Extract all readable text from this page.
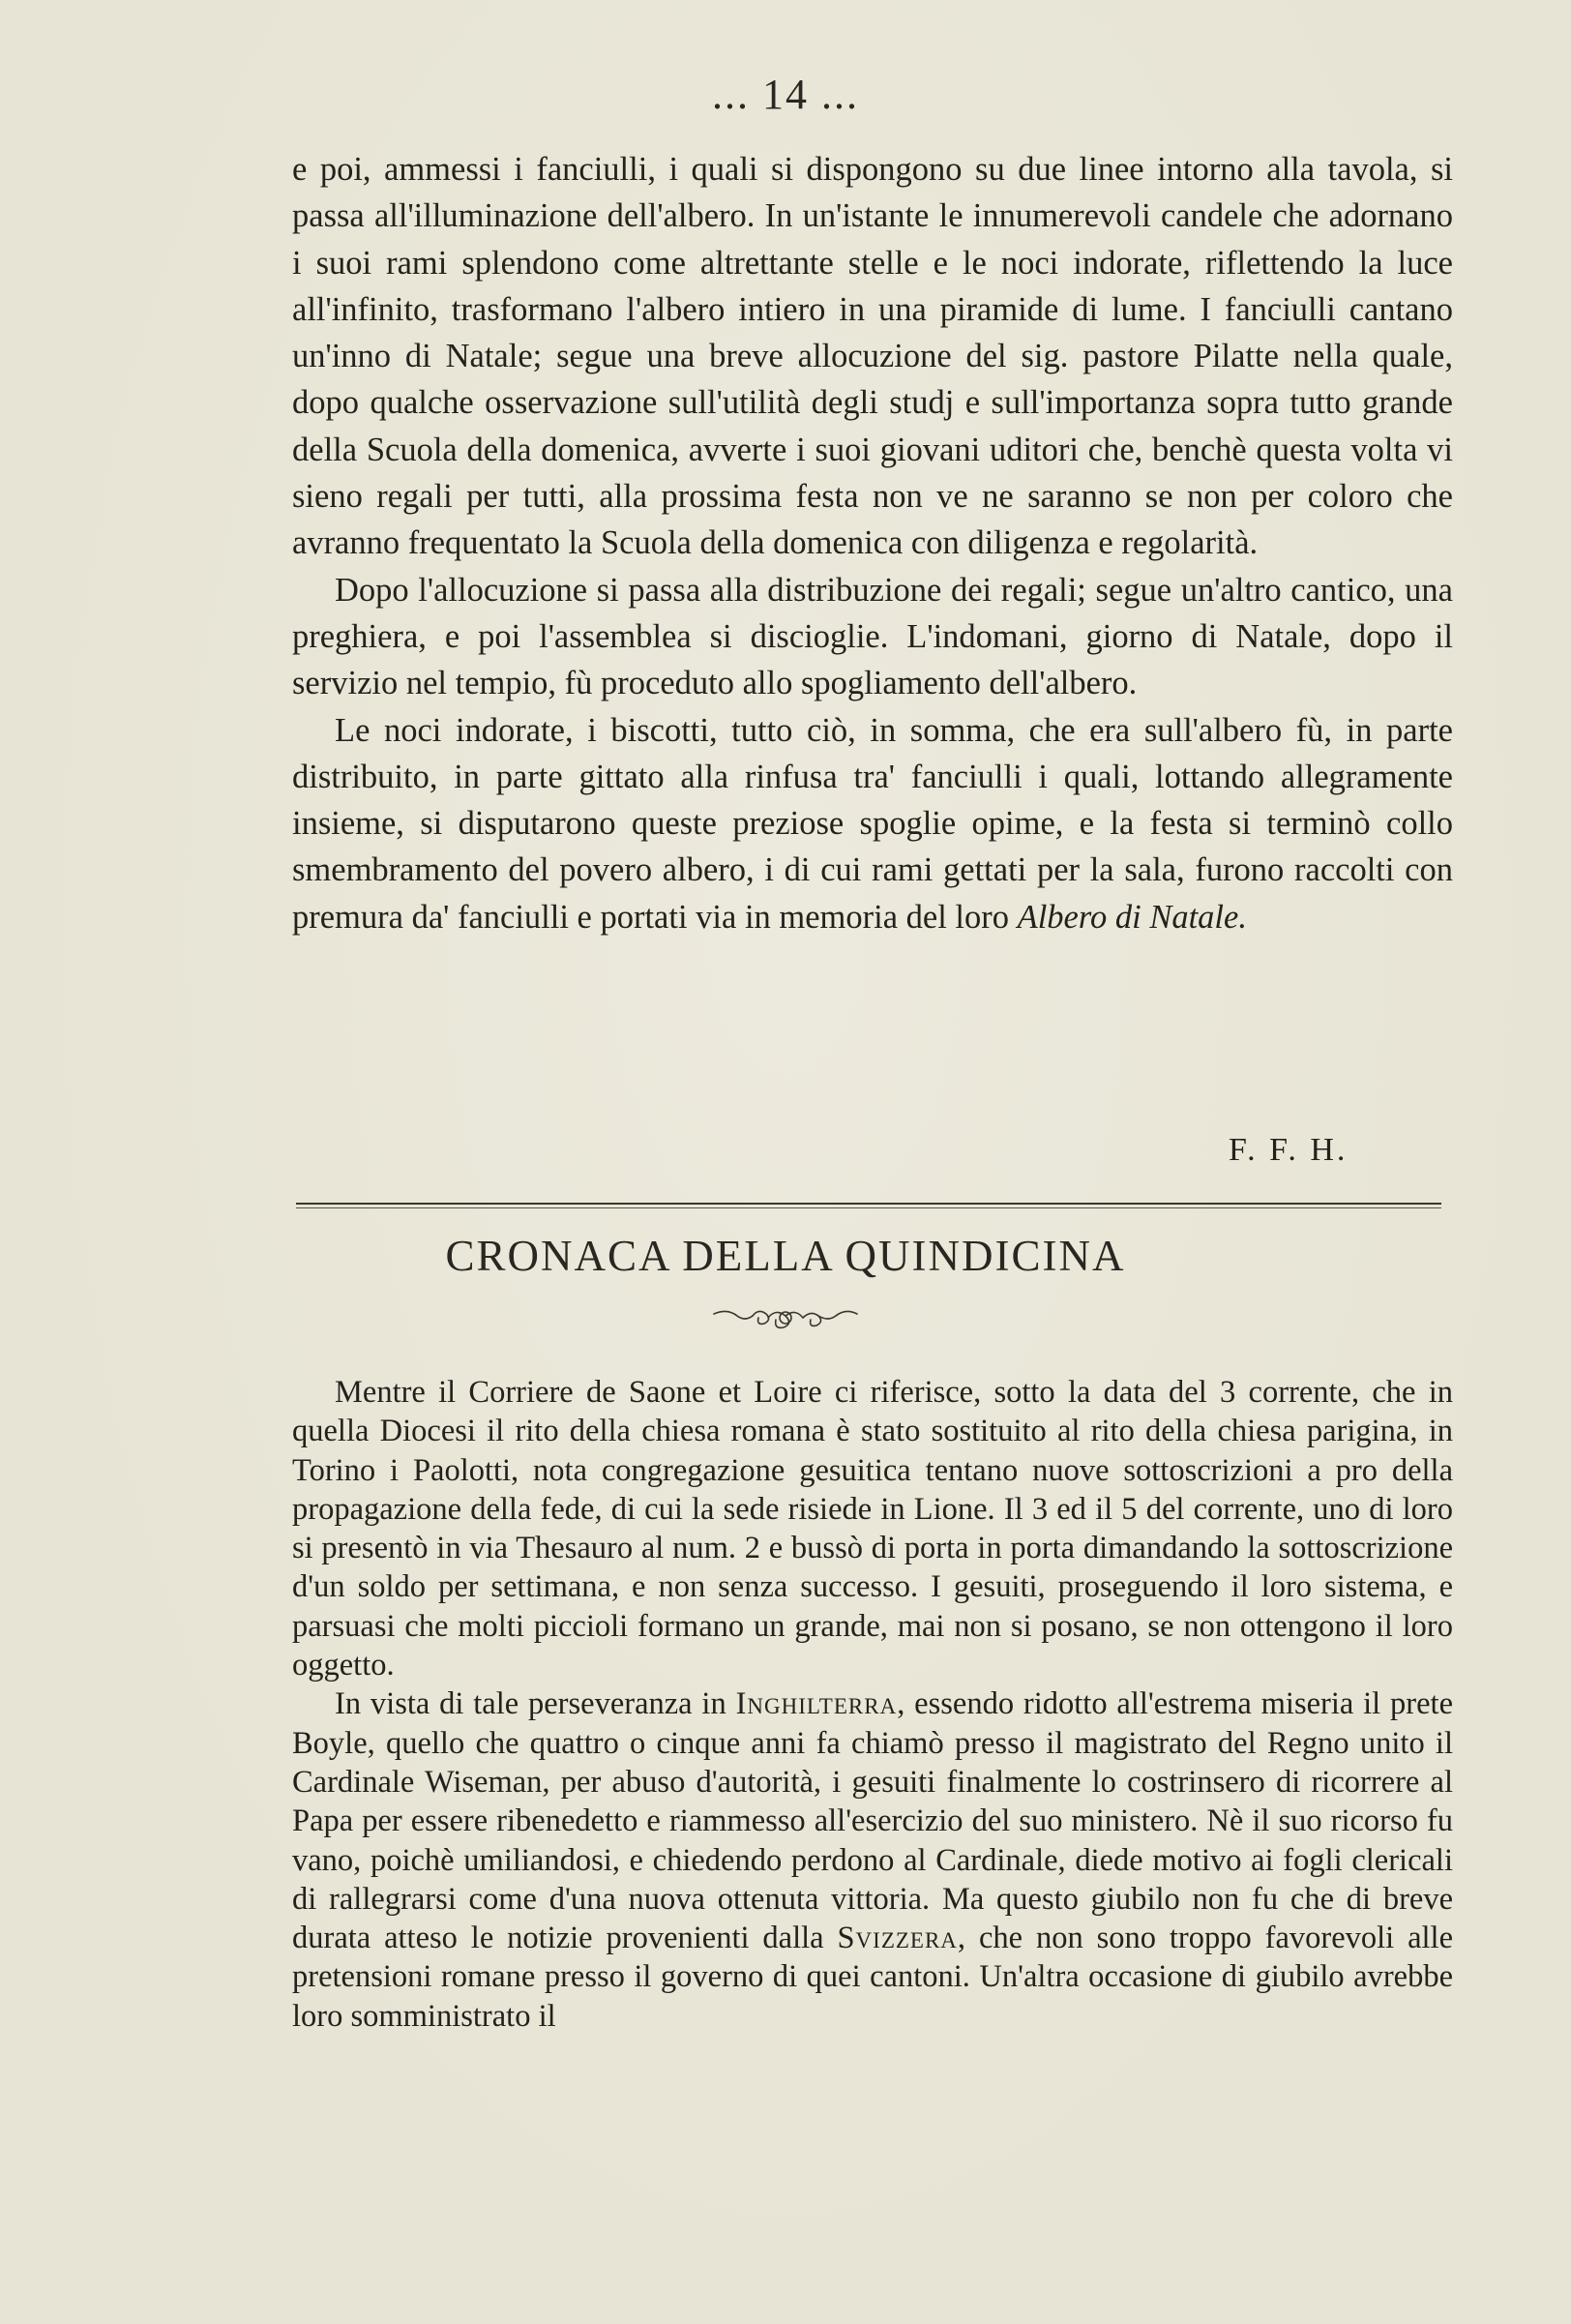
... 14 ...

e poi, ammessi i fanciulli, i quali si dispongono su due linee intorno alla tavola, si passa all'illuminazione dell'albero. In un'istante le innumerevoli candele che adornano i suoi rami splendono come altrettante stelle e le noci indorate, riflettendo la luce all'infinito, trasformano l'albero intiero in una piramide di lume. I fanciulli cantano un'inno di Natale; segue una breve allocuzione del sig. pastore Pilatte nella quale, dopo qualche osservazione sull'utilità degli studj e sull'importanza sopra tutto grande della Scuola della domenica, avverte i suoi giovani uditori che, benchè questa volta vi sieno regali per tutti, alla prossima festa non ve ne saranno se non per coloro che avranno frequentato la Scuola della domenica con diligenza e regolarità.

Dopo l'allocuzione si passa alla distribuzione dei regali; segue un'altro cantico, una preghiera, e poi l'assemblea si discioglie. L'indomani, giorno di Natale, dopo il servizio nel tempio, fù proceduto allo spogliamento dell'albero.

Le noci indorate, i biscotti, tutto ciò, in somma, che era sull'albero fù, in parte distribuito, in parte gittato alla rinfusa tra' fanciulli i quali, lottando allegramente insieme, si disputarono queste preziose spoglie opime, e la festa si terminò collo smembramento del povero albero, i di cui rami gettati per la sala, furono raccolti con premura da' fanciulli e portati via in memoria del loro Albero di Natale.

F. F. H.
CRONACA DELLA QUINDICINA

Mentre il Corriere de Saone et Loire ci riferisce, sotto la data del 3 corrente, che in quella Diocesi il rito della chiesa romana è stato sostituito al rito della chiesa parigina, in Torino i Paolotti, nota congregazione gesuitica tentano nuove sottoscrizioni a pro della propagazione della fede, di cui la sede risiede in Lione. Il 3 ed il 5 del corrente, uno di loro si presentò in via Thesauro al num. 2 e bussò di porta in porta dimandando la sottoscrizione d'un soldo per settimana, e non senza successo. I gesuiti, proseguendo il loro sistema, e parsuasi che molti piccioli formano un grande, mai non si posano, se non ottengono il loro oggetto.

In vista di tale perseveranza in Inghilterra, essendo ridotto all'estrema miseria il prete Boyle, quello che quattro o cinque anni fa chiamò presso il magistrato del Regno unito il Cardinale Wiseman, per abuso d'autorità, i gesuiti finalmente lo costrinsero di ricorrere al Papa per essere ribenedetto e riammesso all'esercizio del suo ministero. Nè il suo ricorso fu vano, poichè umiliandosi, e chiedendo perdono al Cardinale, diede motivo ai fogli clericali di rallegrarsi come d'una nuova ottenuta vittoria. Ma questo giubilo non fu che di breve durata atteso le notizie provenienti dalla Svizzera, che non sono troppo favorevoli alle pretensioni romane presso il governo di quei cantoni. Un'altra occasione di giubilo avrebbe loro somministrato il
